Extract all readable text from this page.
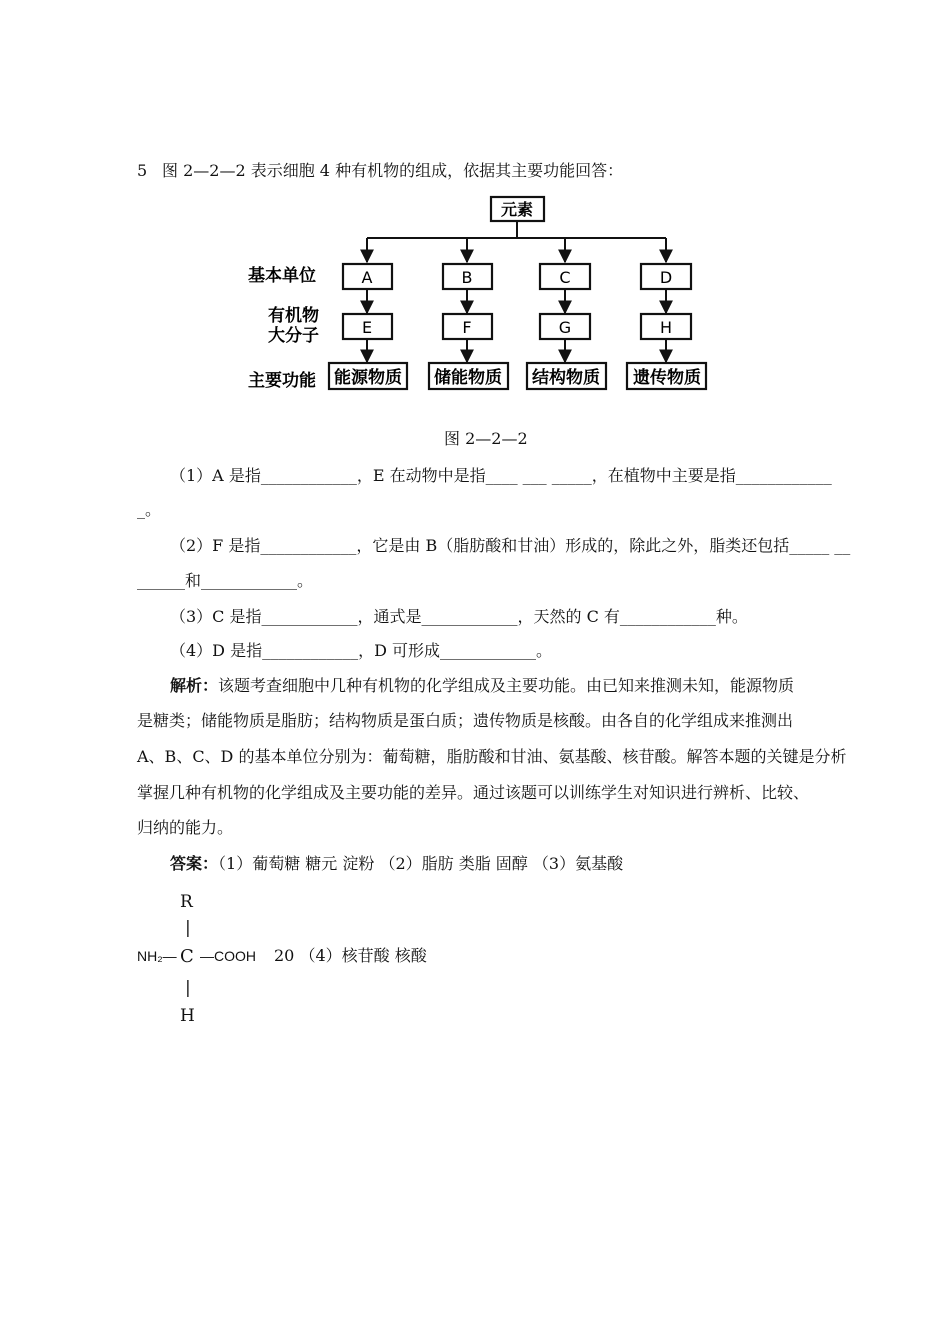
5 图 2—2—2 表示细胞 4 种有机物的组成，依据其主要功能回答：
元素
基本单位
有机物
大分子
主要功能
A
E
能源物质
B
F
储能物质
C
G
结构物质
D
H
遗传物质
图 2—2—2
（1）A 是指____________，E 在动物中是指____ ___ _____，在植物中主要是指____________
_。
（2）F 是指____________，它是由 B（脂肪酸和甘油）形成的，除此之外，脂类还包括_____ __
______和____________。
（3）C 是指____________，通式是____________，天然的 C 有____________种。
（4）D 是指____________，D 可形成____________。
解析：该题考查细胞中几种有机物的化学组成及主要功能。由已知来推测未知，能源物质
是糖类；储能物质是脂肪；结构物质是蛋白质；遗传物质是核酸。由各自的化学组成来推测出
A、B、C、D 的基本单位分别为：葡萄糖，脂肪酸和甘油、氨基酸、核苷酸。解答本题的关键是分析
掌握几种有机物的化学组成及主要功能的差异。通过该题可以训练学生对知识进行辨析、比较、
归纳的能力。
答案：（1）葡萄糖 糖元 淀粉 （2）脂肪 类脂 固醇 （3）氨基酸
R
|
NH₂— C —COOH 20 （4）核苷酸 核酸
|
H
